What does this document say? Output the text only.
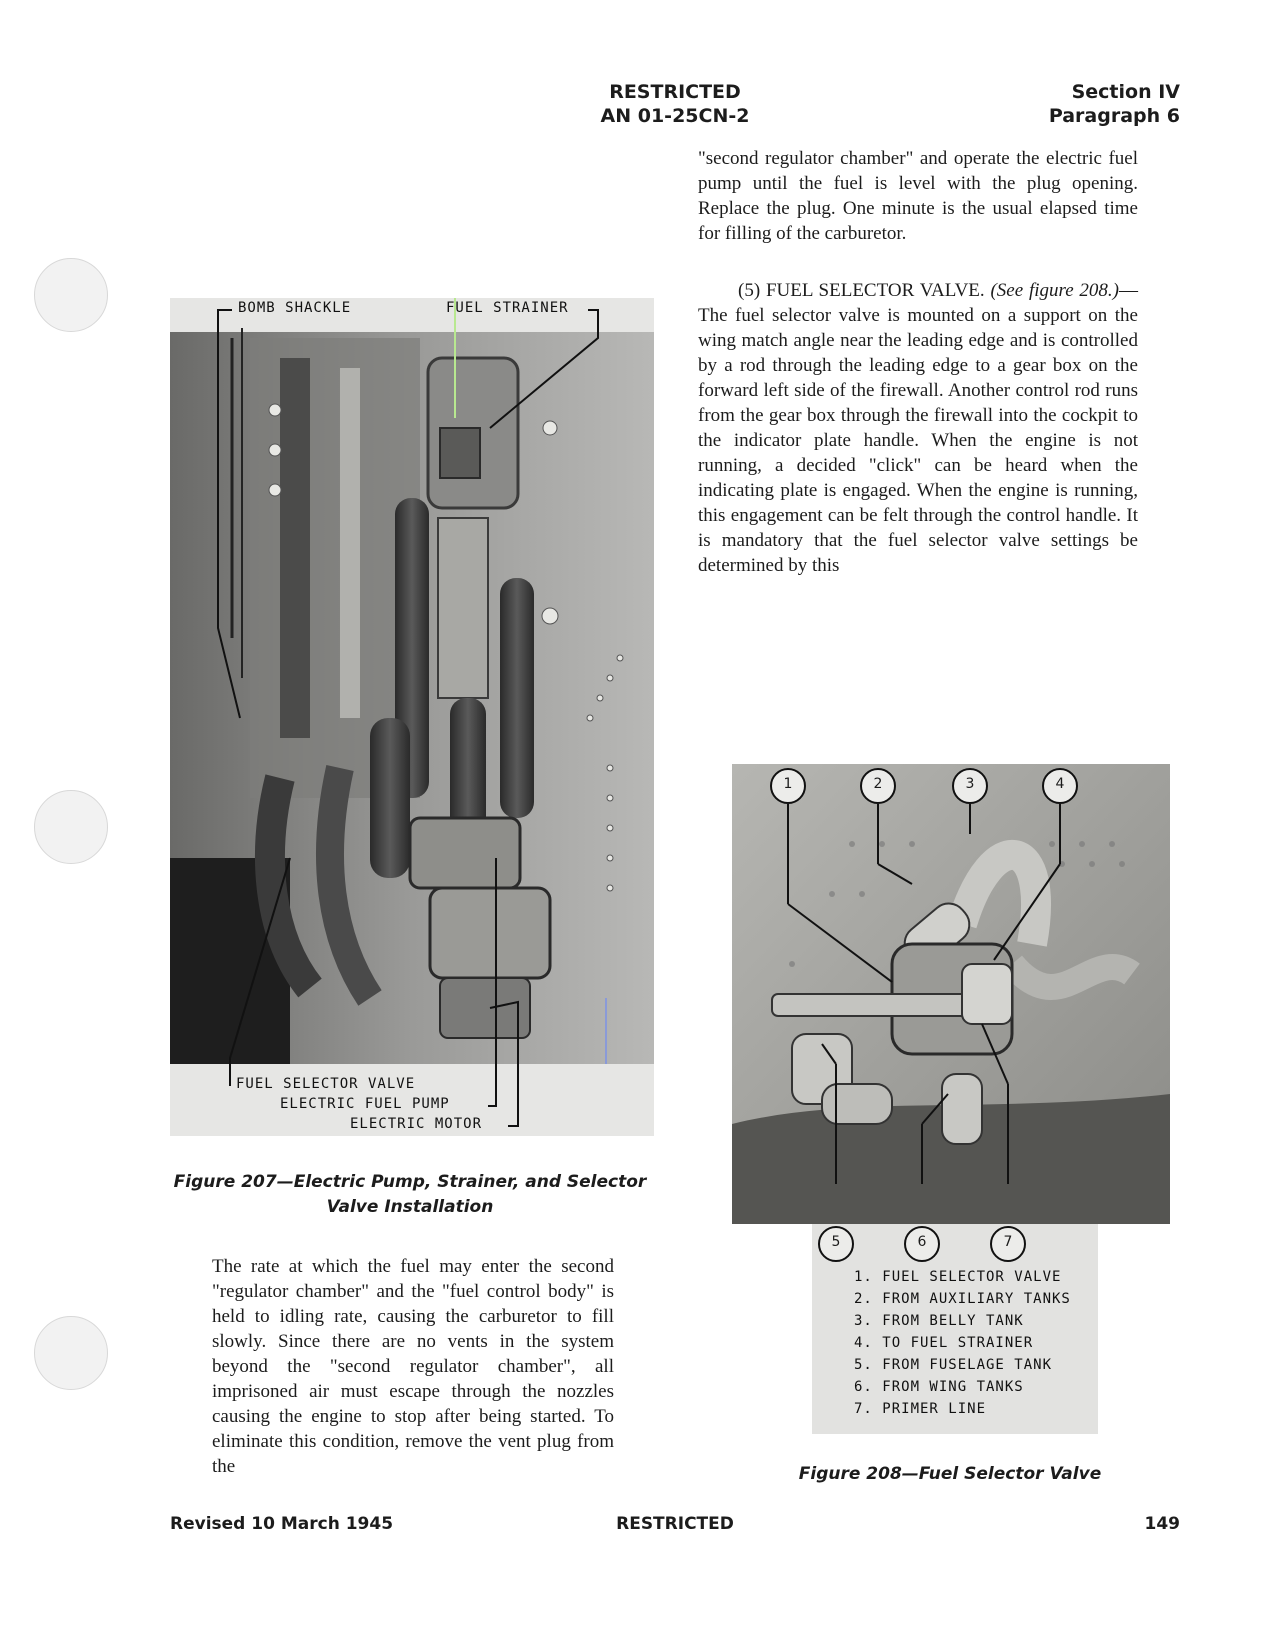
RESTRICTED
AN 01-25CN-2
Section IV
Paragraph 6

"second regulator chamber" and operate the electric fuel pump until the fuel is level with the plug opening. Replace the plug. One minute is the usual elapsed time for filling of the carburetor.

(5) FUEL SELECTOR VALVE. (See figure 208.)—The fuel selector valve is mounted on a support on the wing match angle near the leading edge and is controlled by a rod through the leading edge to a gear box on the forward left side of the firewall. Another control rod runs from the gear box through the firewall into the cockpit to the indicator plate handle. When the engine is not running, a decided "click" can be heard when the indicating plate is engaged. When the engine is running, this engagement can be felt through the control handle. It is mandatory that the fuel selector valve settings be determined by this

BOMB SHACKLE	FUEL STRAINER
FUEL SELECTOR VALVE
ELECTRIC FUEL PUMP
ELECTRIC MOTOR
Figure 207—Electric Pump, Strainer, and Selector
Valve Installation

The rate at which the fuel may enter the second "regulator chamber" and the "fuel control body" is held to idling rate, causing the carburetor to fill slowly. Since there are no vents in the system beyond the "second regulator chamber", all imprisoned air must escape through the nozzles causing the engine to stop after being started. To eliminate this condition, remove the vent plug from the

1	2	3	4
5	6	7
1. FUEL SELECTOR VALVE
2. FROM AUXILIARY TANKS
3. FROM BELLY TANK
4. TO FUEL STRAINER
5. FROM FUSELAGE TANK
6. FROM WING TANKS
7. PRIMER LINE
Figure 208—Fuel Selector Valve
Revised 10 March 1945	RESTRICTED	149
